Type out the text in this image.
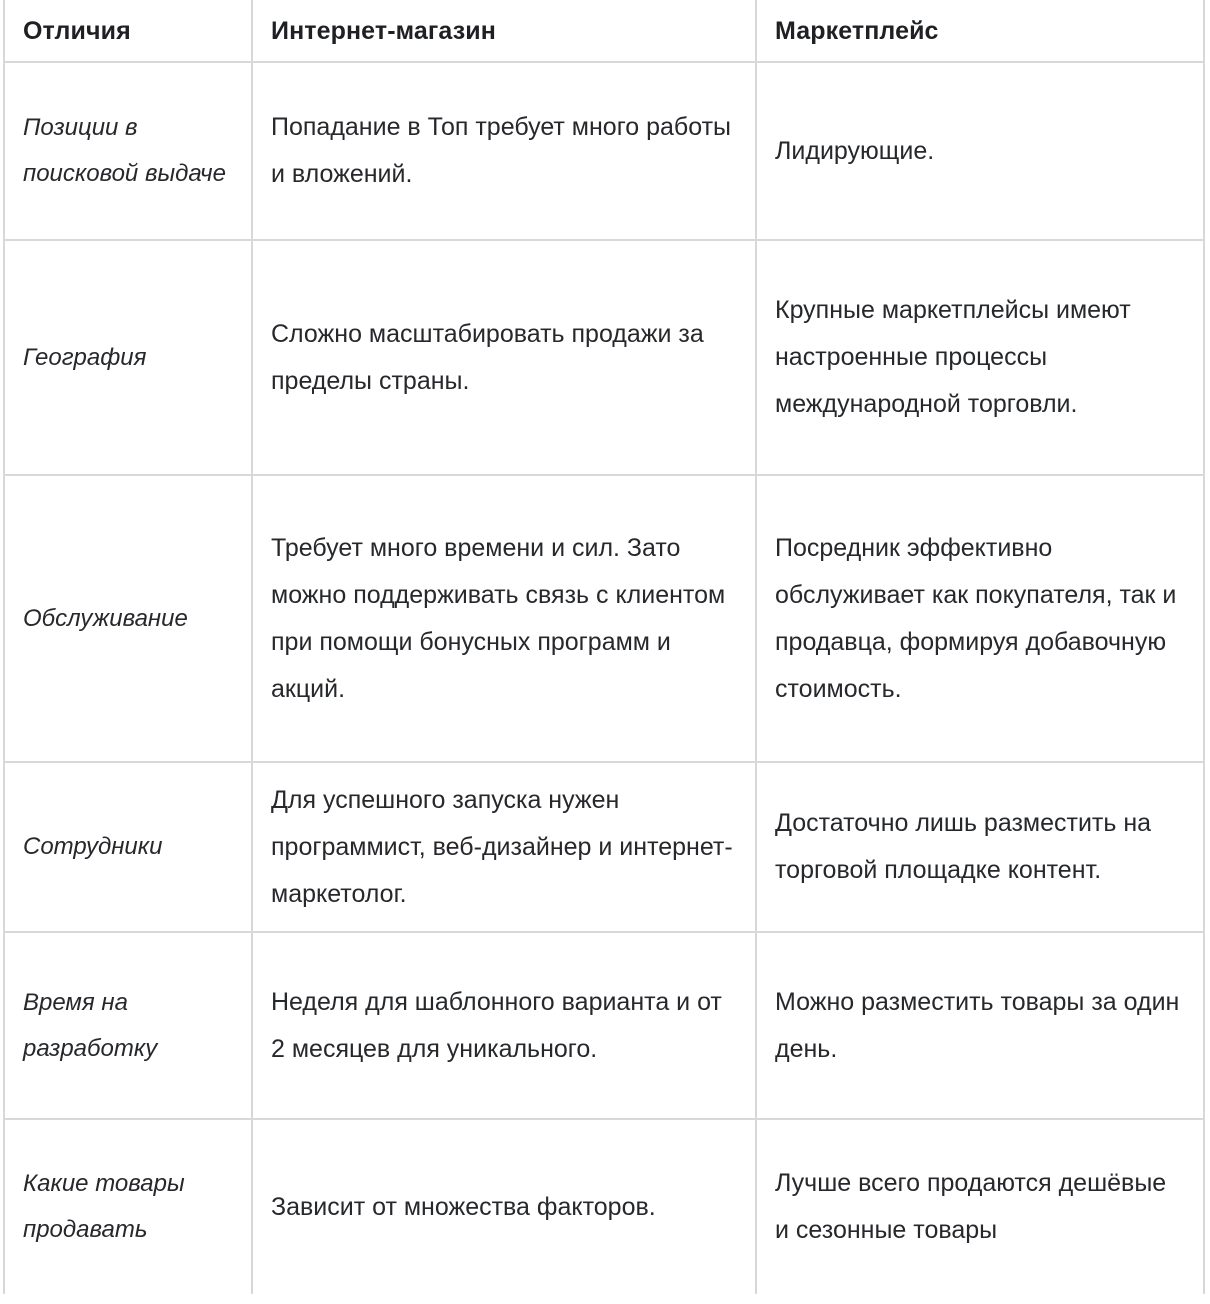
Отличия	Интернет-магазин	Маркетплейс

Позиции в поисковой выдаче	Попадание в Топ требует много работы и вложений.	Лидирующие.

География	Сложно масштабировать продажи за пределы страны.	Крупные маркетплейсы имеют настроенные процессы международной торговли.

Обслуживание	Требует много времени и сил. Зато можно поддерживать связь с клиентом при помощи бонусных программ и акций.	Посредник эффективно обслуживает как покупателя, так и продавца, формируя добавочную стоимость.

Сотрудники	Для успешного запуска нужен программист, веб-дизайнер и интернет-маркетолог.	Достаточно лишь разместить на торговой площадке контент.

Время на разработку	Неделя для шаблонного варианта и от 2 месяцев для уникального.	Можно разместить товары за один день.

Какие товары продавать	Зависит от множества факторов.	Лучше всего продаются дешёвые и сезонные товары
